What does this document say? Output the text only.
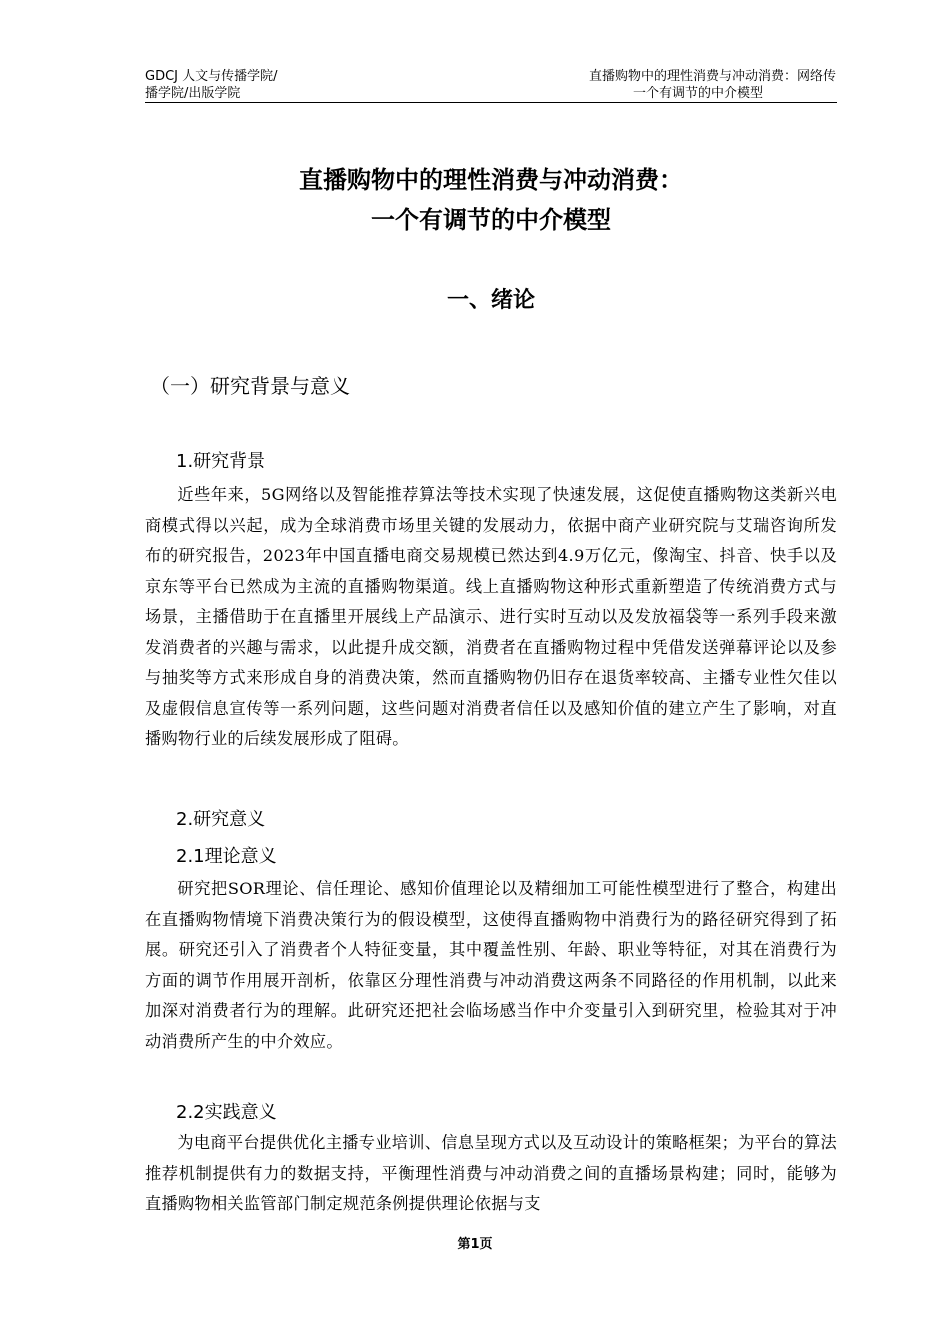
GDCJ 人文与传播学院/
播学院/出版学院
直播购物中的理性消费与冲动消费：网络传
一个有调节的中介模型
直播购物中的理性消费与冲动消费：
一个有调节的中介模型
一、绪论
（一）研究背景与意义
1.研究背景
近些年来，5G网络以及智能推荐算法等技术实现了快速发展，这促使直播购物这类新兴电商模式得以兴起，成为全球消费市场里关键的发展动力，依据中商产业研究院与艾瑞咨询所发布的研究报告，2023年中国直播电商交易规模已然达到4.9万亿元，像淘宝、抖音、快手以及京东等平台已然成为主流的直播购物渠道。线上直播购物这种形式重新塑造了传统消费方式与场景，主播借助于在直播里开展线上产品演示、进行实时互动以及发放福袋等一系列手段来激发消费者的兴趣与需求，以此提升成交额，消费者在直播购物过程中凭借发送弹幕评论以及参与抽奖等方式来形成自身的消费决策，然而直播购物仍旧存在退货率较高、主播专业性欠佳以及虚假信息宣传等一系列问题，这些问题对消费者信任以及感知价值的建立产生了影响，对直播购物行业的后续发展形成了阻碍。
2.研究意义
2.1理论意义
研究把SOR理论、信任理论、感知价值理论以及精细加工可能性模型进行了整合，构建出在直播购物情境下消费决策行为的假设模型，这使得直播购物中消费行为的路径研究得到了拓展。研究还引入了消费者个人特征变量，其中覆盖性别、年龄、职业等特征，对其在消费行为方面的调节作用展开剖析，依靠区分理性消费与冲动消费这两条不同路径的作用机制，以此来加深对消费者行为的理解。此研究还把社会临场感当作中介变量引入到研究里，检验其对于冲动消费所产生的中介效应。
2.2实践意义
为电商平台提供优化主播专业培训、信息呈现方式以及互动设计的策略框架；为平台的算法推荐机制提供有力的数据支持，平衡理性消费与冲动消费之间的直播场景构建；同时，能够为直播购物相关监管部门制定规范条例提供理论依据与支
第1页
